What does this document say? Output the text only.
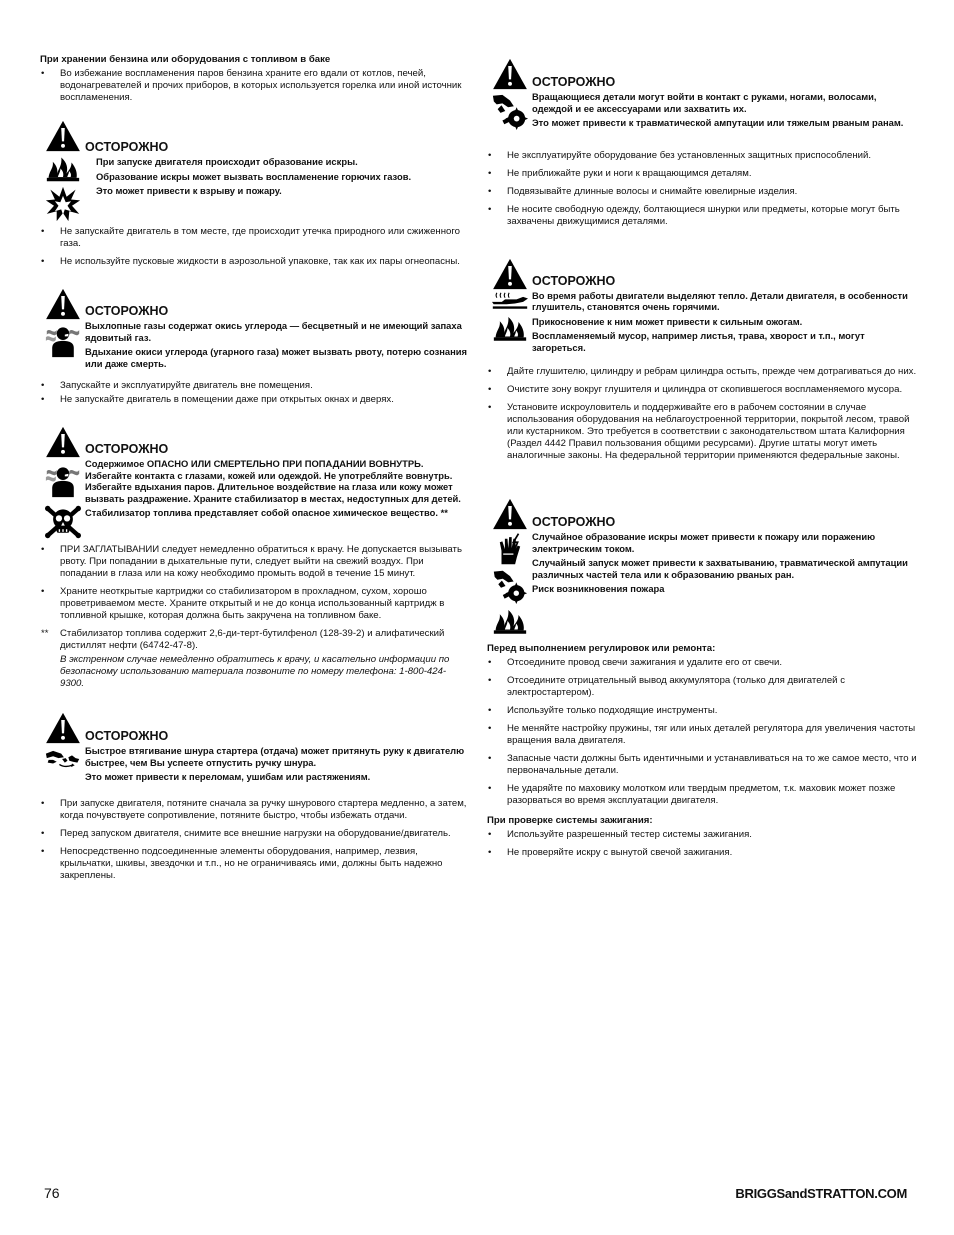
При хранении бензина или оборудования с топливом в баке

•	Во избежание воспламенения паров бензина храните его вдали от котлов, печей, водонагревателей и прочих приборов, в которых используется горелка или иной источник воспламенения.

ОСТОРОЖНО

При запуске двигателя происходит образование искры.

Образование искры может вызвать воспламенение горючих газов.

Это может привести к взрыву и пожару.

•	Не запускайте двигатель в том месте, где происходит утечка природного или сжиженного газа.
•	Не используйте пусковые жидкости в аэрозольной упаковке, так как их пары огнеопасны.

ОСТОРОЖНО

Выхлопные газы содержат окись углерода — бесцветный и не имеющий запаха ядовитый газ.

Вдыхание окиси углерода (угарного газа) может вызвать рвоту, потерю сознания или даже смерть.

•	Запускайте и эксплуатируйте двигатель вне помещения.
•	Не запускайте двигатель в помещении даже при открытых окнах и дверях.

ОСТОРОЖНО

Содержимое ОПАСНО ИЛИ СМЕРТЕЛЬНО ПРИ ПОПАДАНИИ ВОВНУТРЬ. Избегайте контакта с глазами, кожей или одеждой. Не употребляйте вовнутрь. Избегайте вдыхания паров. Длительное воздействие на глаза или кожу может вызвать раздражение. Храните стабилизатор в местах, недоступных для детей.

Стабилизатор топлива представляет собой опасное химическое вещество. **

•	ПРИ ЗАГЛАТЫВАНИИ следует немедленно обратиться к врачу. Не допускается вызывать рвоту. При попадании в дыхательные пути, следует выйти на свежий воздух. При попадании в глаза или на кожу необходимо промыть водой в течение 15 минут.
•	Храните неоткрытые картриджи со стабилизатором в прохладном, сухом, хорошо проветриваемом месте. Храните открытый и не до конца использованный картридж в топливной крышке, которая должна быть закручена на топливном баке.
**	Стабилизатор топлива содержит 2,6-ди-терт-бутилфенол (128-39-2) и алифатический дистиллят нефти (64742-47-8).
В экстренном случае немедленно обратитесь к врачу, и касательно информации по безопасному использованию материала позвоните по номеру телефона: 1-800-424-9300.

ОСТОРОЖНО

Быстрое втягивание шнура стартера (отдача) может притянуть руку к двигателю быстрее, чем Вы успеете отпустить ручку шнура.

Это может привести к переломам, ушибам или растяжениям.

•	При запуске двигателя, потяните сначала за ручку шнурового стартера медленно, а затем, когда почувствуете сопротивление, потяните быстро, чтобы избежать отдачи.
•	Перед запуском двигателя, снимите все внешние нагрузки на оборудование/двигатель.
•	Непосредственно подсоединенные элементы оборудования, например, лезвия, крыльчатки, шкивы, звездочки и т.п., но не ограничиваясь ими, должны быть надежно закреплены.

ОСТОРОЖНО

Вращающиеся детали могут войти в контакт с руками, ногами, волосами, одеждой и ее аксессуарами или захватить их.

Это может привести к травматической ампутации или тяжелым рваным ранам.

•	Не эксплуатируйте оборудование без установленных защитных приспособлений.
•	Не приближайте руки и ноги к вращающимся деталям.
•	Подвязывайте длинные волосы и снимайте ювелирные изделия.
•	Не носите свободную одежду, болтающиеся шнурки или предметы, которые могут быть захвачены движущимися деталями.

ОСТОРОЖНО

Во время работы двигатели выделяют тепло. Детали двигателя, в особенности глушитель, становятся очень горячими.

Прикосновение к ним может привести к сильным ожогам.

Воспламеняемый мусор, например листья, трава, хворост и т.п., могут загореться.

•	Дайте глушителю, цилиндру и ребрам цилиндра остыть, прежде чем дотрагиваться до них.
•	Очистите зону вокруг глушителя и цилиндра от скопившегося воспламеняемого мусора.
•	Установите искроуловитель и поддерживайте его в рабочем состоянии в случае использования оборудования на неблагоустроенной территории, покрытой лесом, травой или кустарником. Это требуется в соответствии с законодательством штата Калифорния (Раздел 4442 Правил пользования общими ресурсами). Другие штаты могут иметь аналогичные законы. На федеральной территории применяются федеральные законы.

ОСТОРОЖНО

Случайное образование искры может привести к пожару или поражению электрическим током.

Случайный запуск может привести к захватыванию, травматической ампутации различных частей тела или к образованию рваных ран.

Риск возникновения пожара

Перед выполнением регулировок или ремонта:

•	Отсоедините провод свечи зажигания и удалите его от свечи.
•	Отсоедините отрицательный вывод аккумулятора (только для двигателей с электростартером).
•	Используйте только подходящие инструменты.
•	Не меняйте настройку пружины, тяг или иных деталей регулятора для увеличения частоты вращения вала двигателя.
•	Запасные части должны быть идентичными и устанавливаться на то же самое место, что и первоначальные детали.
•	Не ударяйте по маховику молотком или твердым предметом, т.к. маховик может позже разорваться во время эксплуатации двигателя.

При проверке системы зажигания:

•	Используйте разрешенный тестер системы зажигания.
•	Не проверяйте искру с вынутой свечой зажигания.
76	BRIGGSandSTRATTON.COM
